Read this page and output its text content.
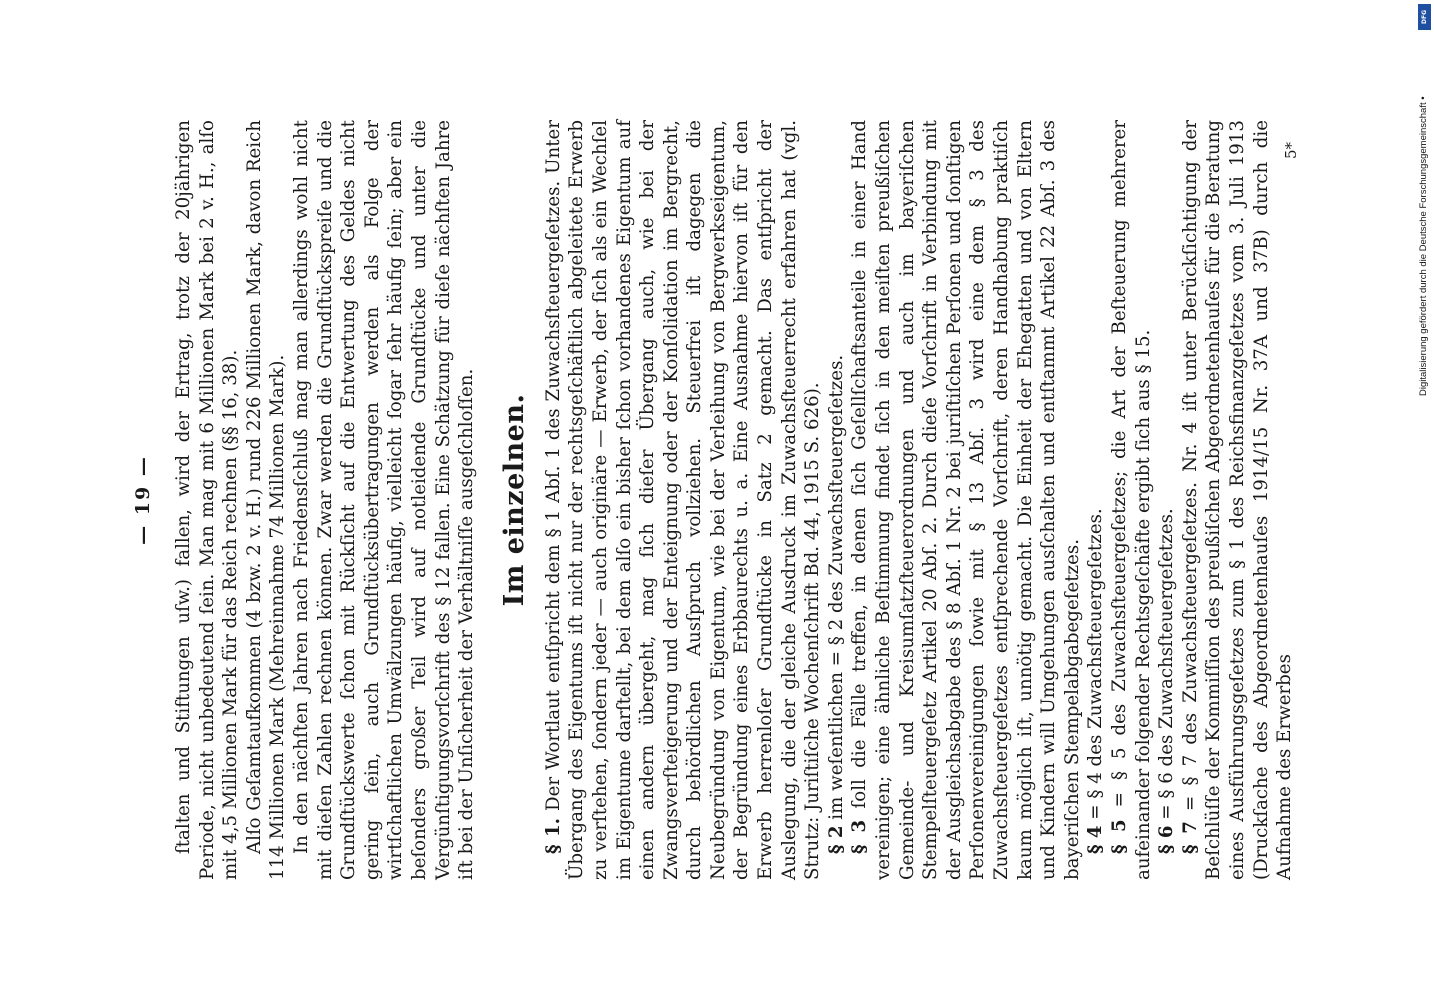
— 19 — ſtalten und Stiftungen uſw.) fallen, wird der Ertrag, trotz der 20jährigen Periode, nicht unbedeutend ſein. Man mag mit 6 Millionen Mark bei 2 v. H., alſo mit 4,5 Millionen Mark für das Reich rechnen (§§ 16, 38). Alſo Geſamtaufkommen (4 bzw. 2 v. H.) rund 226 Millionen Mark, davon Reich 114 Millionen Mark (Mehreinnahme 74 Millionen Mark). In den nächſten Jahren nach Friedensſchluß mag man allerdings wohl nicht mit dieſen Zahlen rechnen können. Zwar werden die Grundſtückspreiſe und die Grundſtückswerte ſchon mit Rückſicht auf die Entwertung des Geldes nicht gering ſein, auch Grundſtücksübertragungen werden als Folge der wirtſchaftlichen Umwälzungen häufig, vielleicht ſogar ſehr häufig ſein; aber ein beſonders großer Teil wird auf notleidende Grundſtücke und unter die Vergünſtigungsvorſchrift des § 12 fallen. Eine Schätzung für dieſe nächſten Jahre iſt bei der Unſicherheit der Verhältniſſe ausgeſchloſſen. Im einzelnen.

§ 1. Der Wortlaut entſpricht dem § 1 Abſ. 1 des Zuwachsſteuergeſetzes. Unter Übergang des Eigentums iſt nicht nur der rechtsgeſchäftlich abgeleitete Erwerb zu verſtehen, ſondern jeder — auch originäre — Erwerb, der ſich als ein Wechſel im Eigentume darſtellt, bei dem alſo ein bisher ſchon vorhandenes Eigentum auf einen andern übergeht, mag ſich dieſer Übergang auch, wie bei der Zwangsverſteigerung und der Enteignung oder der Konſolidation im Bergrecht, durch behördlichen Ausſpruch vollziehen. Steuerfrei iſt dagegen die Neubegründung von Eigentum, wie bei der Verleihung von Bergwerkseigentum, der Begründung eines Erbbaurechts u. a. Eine Ausnahme hiervon iſt für den Erwerb herrenloſer Grundſtücke in Satz 2 gemacht. Das entſpricht der Auslegung, die der gleiche Ausdruck im Zuwachsſteuerrecht erfahren hat (vgl. Strutz: Juriſtiſche Wochenſchrift Bd. 44, 1915 S. 626). § 2 im weſentlichen = § 2 des Zuwachsſteuergeſetzes.

§ 3 ſoll die Fälle treffen, in denen ſich Geſellſchaftsanteile in einer Hand vereinigen; eine ähnliche Beſtimmung findet ſich in den meiſten preußiſchen Gemeinde- und Kreisumſatzſteuerordnungen und auch im bayeriſchen Stempelſteuergeſetz Artikel 20 Abſ. 2. Durch dieſe Vorſchrift in Verbindung mit der Ausgleichsabgabe des § 8 Abſ. 1 Nr. 2 bei juriſtiſchen Perſonen und ſonſtigen Perſonenvereinigungen ſowie mit § 13 Abſ. 3 wird eine dem § 3 des Zuwachsſteuergeſetzes entſprechende Vorſchrift, deren Handhabung praktiſch kaum möglich iſt, unnötig gemacht. Die Einheit der Ehegatten und von Eltern und Kindern will Umgehungen ausſchalten und entſtammt Artikel 22 Abſ. 3 des bayeriſchen Stempelabgabegeſetzes. § 4 = § 4 des Zuwachsſteuergeſetzes.

§ 5 = § 5 des Zuwachsſteuergeſetzes; die Art der Beſteuerung mehrerer aufeinander folgender Rechtsgeſchäfte ergibt ſich aus § 15. § 6 = § 6 des Zuwachsſteuergeſetzes.

§ 7 = § 7 des Zuwachsſteuergeſetzes. Nr. 4 iſt unter Berückſichtigung der Beſchlüſſe der Kommiſſion des preußiſchen Abgeordnetenhauſes für die Beratung eines Ausführungsgeſetzes zum § 1 des Reichsfinanzgeſetzes vom 3. Juli 1913 (Druckſache des Abgeordnetenhauſes 1914/15 Nr. 37A und 37B) durch die Aufnahme des Erwerbes

5*
DFG
Digitalisierung gefördert durch die Deutsche Forschungsgemeinschaft •
